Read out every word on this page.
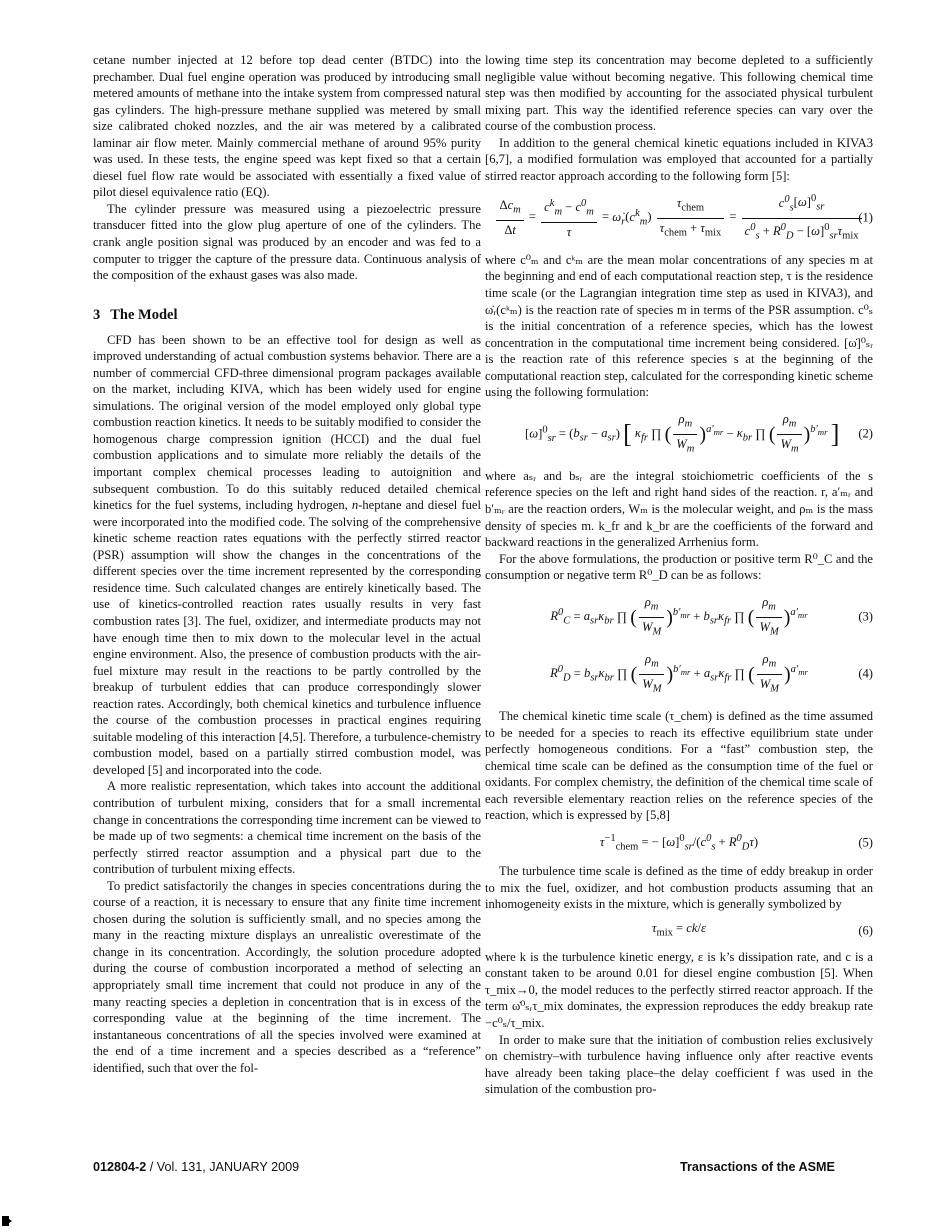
cetane number injected at 12 before top dead center (BTDC) into the prechamber. Dual fuel engine operation was produced by introducing small metered amounts of methane into the intake system from compressed natural gas cylinders. The high-pressure methane supplied was metered by small size calibrated choked nozzles, and the air was metered by a calibrated laminar air flow meter. Mainly commercial methane of around 95% purity was used. In these tests, the engine speed was kept fixed so that a certain diesel fuel flow rate would be associated with essentially a fixed value of pilot diesel equivalence ratio (EQ).

The cylinder pressure was measured using a piezoelectric pressure transducer fitted into the glow plug aperture of one of the cylinders. The crank angle position signal was produced by an encoder and was fed to a computer to trigger the capture of the pressure data. Continuous analysis of the composition of the exhaust gases was also made.

3 The Model

CFD has been shown to be an effective tool for design as well as improved understanding of actual combustion systems behavior. There are a number of commercial CFD-three dimensional program packages available on the market, including KIVA, which has been widely used for engine simulations. The original version of the model employed only global type combustion reaction kinetics. It needs to be suitably modified to consider the homogenous charge compression ignition (HCCI) and the dual fuel combustion applications and to simulate more reliably the details of the important complex chemical processes leading to autoignition and subsequent combustion. To do this suitably reduced detailed chemical kinetics for the fuel systems, including hydrogen, n-heptane and diesel fuel were incorporated into the modified code. The solving of the comprehensive kinetic scheme reaction rates equations with the perfectly stirred reactor (PSR) assumption will show the changes in the concentrations of the different species over the time increment represented by the corresponding residence time. Such calculated changes are entirely kinetically based. The use of kinetics-controlled reaction rates usually results in very fast combustion rates [3]. The fuel, oxidizer, and intermediate products may not have enough time then to mix down to the molecular level in the actual engine environment. Also, the presence of combustion products with the air-fuel mixture may result in the reactions to be partly controlled by the breakup of turbulent eddies that can produce correspondingly slower reaction rates. Accordingly, both chemical kinetics and turbulence influence the course of the combustion processes in practical engines requiring suitable modeling of this interaction [4,5]. Therefore, a turbulence-chemistry combustion model, based on a partially stirred combustion model, was developed [5] and incorporated into the code.

A more realistic representation, which takes into account the additional contribution of turbulent mixing, considers that for a small incremental change in concentrations the corresponding time increment can be viewed to be made up of two segments: a chemical time increment on the basis of the perfectly stirred reactor assumption and a physical part due to the contribution of turbulent mixing effects.

To predict satisfactorily the changes in species concentrations during the course of a reaction, it is necessary to ensure that any finite time increment chosen during the solution is sufficiently small, and no species among the many in the reacting mixture displays an unrealistic overestimate of the change in its concentration. Accordingly, the solution procedure adopted during the course of combustion incorporated a method of selecting an appropriately small time increment that could not produce in any of the many reacting species a depletion in concentration that is in excess of the corresponding value at the beginning of the time increment. The instantaneous concentrations of all the species involved were examined at the end of a time increment and a species described as a “reference” identified, such that over the fol-

lowing time step its concentration may become depleted to a sufficiently negligible value without becoming negative. This following chemical time step was then modified by accounting for the associated physical turbulent mixing part. This way the identified reference species can vary over the course of the combustion process.

In addition to the general chemical kinetic equations included in KIVA3 [6,7], a modified formulation was employed that accounted for a partially stirred reactor approach according to the following form [5]:

$\frac{\Delta c_m}{\Delta t} = \frac{c^k_m - c^0_m}{\tau}$ = $\omegȧ_r(c^k_m) \frac{\tau_{chem}}{\tau_{chem} + \tau_{mix}} = \frac{c^0_s[\omegȧ]^0_{sr}}{c^0_s + R^0_D - [\omegȧ]^0_{sr}\tau_{mix}}$
(1)

where c⁰ₘ and cᵏₘ are the mean molar concentrations of any species m at the beginning and end of each computational reaction step, τ is the residence time scale (or the Lagrangian integration time step as used in KIVA3), and ω̇ᵣ(cᵏₘ) is the reaction rate of species m in terms of the PSR assumption. c⁰ₛ is the initial concentration of a reference species, which has the lowest concentration in the computational time increment being considered. [ω̇]⁰ₛᵣ is the reaction rate of this reference species s at the beginning of the computational reaction step, calculated for the corresponding kinetic scheme using the following formulation:

[ω̇]$^0_{sr}$ = $(b_{sr} - a_{sr})$ [ $\kappa_{fr}$ ∏ ( $\frac{\rho_m}{W_m} )^{a'_{mr}} - \kappa_{br}$ ∏ ( $\frac{\rho_m}{W_m} )^{b'_{mr}}$ ]	(2)

where aₛᵣ and bₛᵣ are the integral stoichiometric coefficients of the s reference species on the left and right hand sides of the reaction. r, a′ₘᵣ and b′ₘᵣ are the reaction orders, Wₘ is the molecular weight, and ρₘ is the mass density of species m. k_fr and k_br are the coefficients of the forward and backward reactions in the generalized Arrhenius form.

For the above formulations, the production or positive term R⁰_C and the consumption or negative term R⁰_D can be as follows:

$R^0_C = a_{sr}\kappa_{br}$ ∏ ( $\frac{\rho_m}{W_M} )^{b'_{mr}} + b_{sr}\kappa_{fr}$ ∏ ( $\frac{\rho_m}{W_M} )^{a'_{mr}}$	(3)
$R^0_D = b_{sr}\kappa_{br}$ ∏ ( $\frac{\rho_m}{W_M} )^{b'_{mr}} + a_{sr}\kappa_{fr}$ ∏ ( $\frac{\rho_m}{W_M} )^{a'_{mr}}$	(4)

The chemical kinetic time scale (τ_chem) is defined as the time assumed to be needed for a species to reach its effective equilibrium state under perfectly homogeneous conditions. For a “fast” combustion step, the chemical time scale can be defined as the consumption time of the fuel or oxidants. For complex chemistry, the definition of the chemical time scale of each reversible elementary reaction relies on the reference species of the reaction, which is expressed by [5,8]

$\tau^{-1}_{chem}$ = − $[\omegȧ]^0_{sr}/(c^0_s + R^0_D\tau)$	(5)

The turbulence time scale is defined as the time of eddy breakup in order to mix the fuel, oxidizer, and hot combustion products assuming that an inhomogeneity exists in the mixture, which is generally symbolized by

$\tau_{mix} = ck/\varepsilon$	(6)

where k is the turbulence kinetic energy, ε is k’s dissipation rate, and c is a constant taken to be around 0.01 for diesel engine combustion [5]. When τ_mix→0, the model reduces to the perfectly stirred reactor approach. If the term ω̇⁰ₛᵣτ_mix dominates, the expression reproduces the eddy breakup rate −c⁰ₛ/τ_mix.

In order to make sure that the initiation of combustion relies exclusively on chemistry–with turbulence having influence only after reactive events have already been taking place–the delay coefficient f was used in the simulation of the combustion pro-

012804-2 / Vol. 131, JANUARY 2009	Transactions of the ASME
